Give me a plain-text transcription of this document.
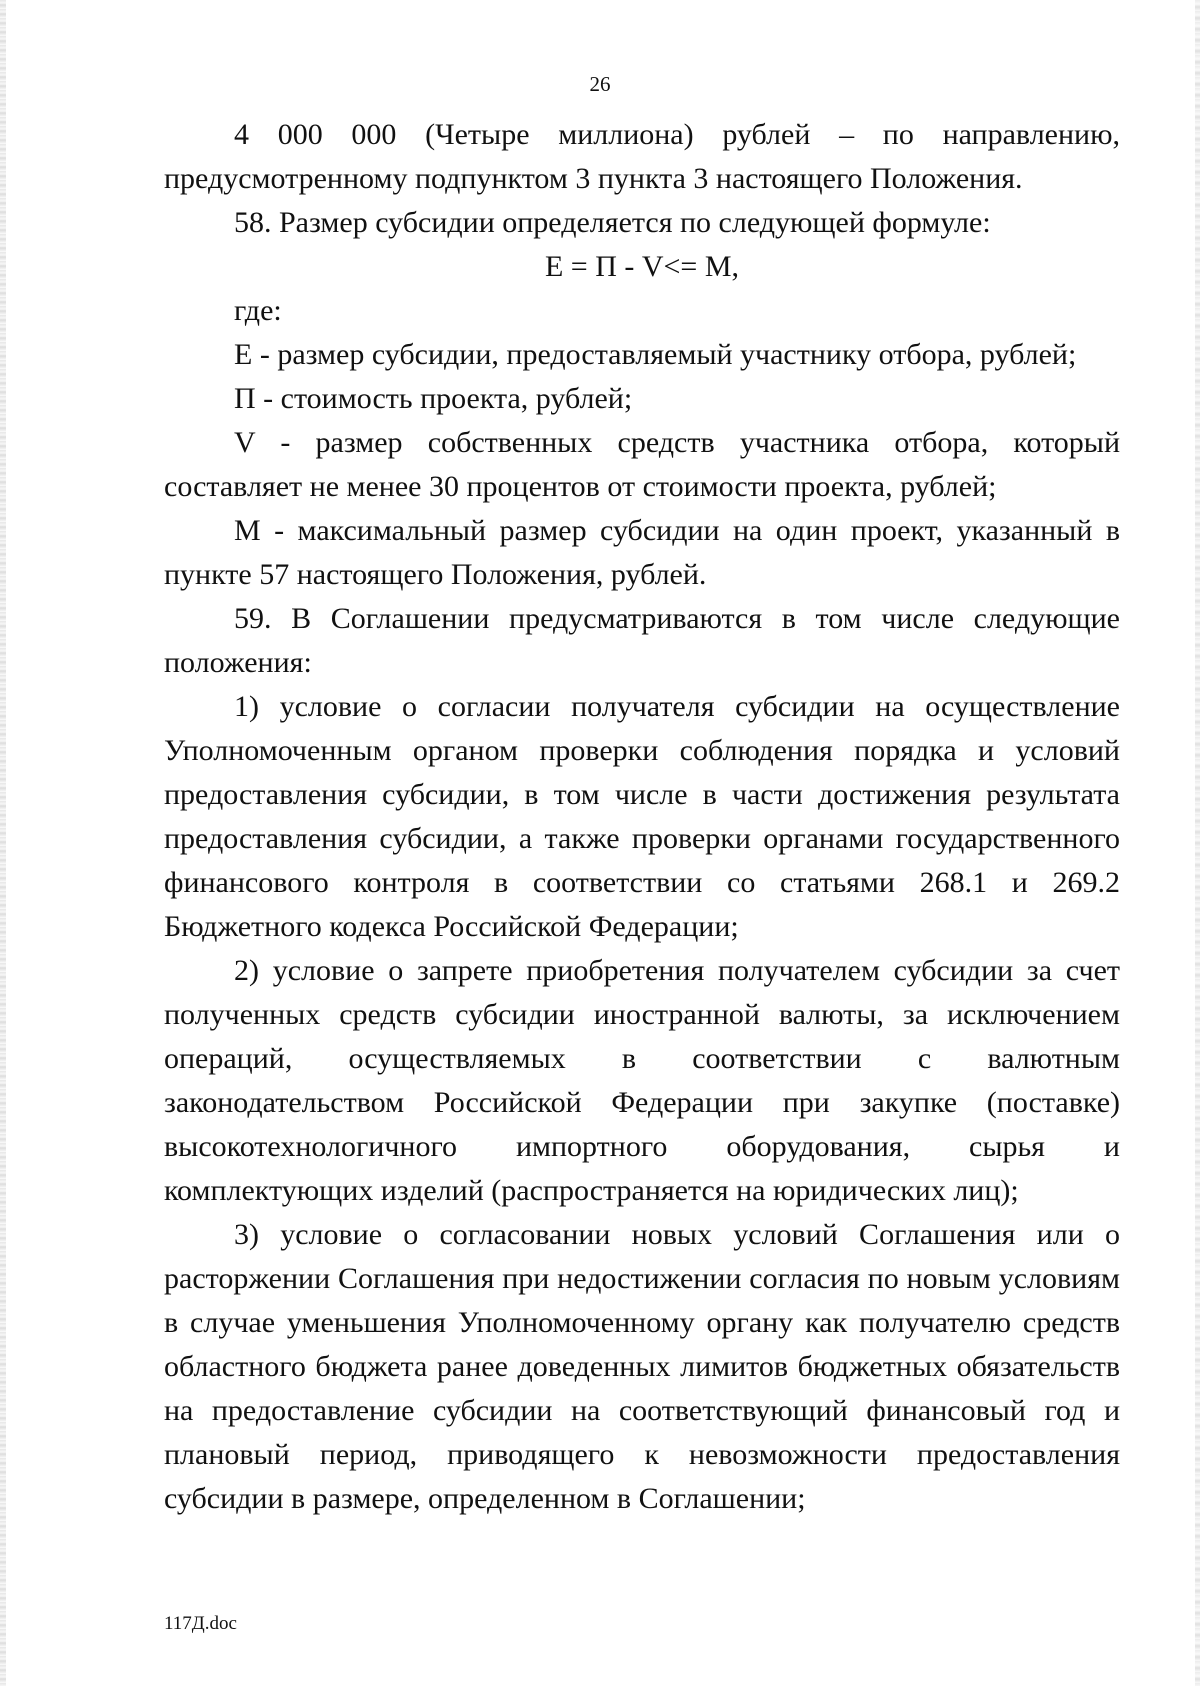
26

4 000 000 (Четыре миллиона) рублей – по направлению, предусмотренному подпунктом 3 пункта 3 настоящего Положения.

58. Размер субсидии определяется по следующей формуле:

E = П - V<= M,

где:

E - размер субсидии, предоставляемый участнику отбора, рублей;

П - стоимость проекта, рублей;

V - размер собственных средств участника отбора, который составляет не менее 30 процентов от стоимости проекта, рублей;

М - максимальный размер субсидии на один проект, указанный в пункте 57 настоящего Положения, рублей.

59. В Соглашении предусматриваются в том числе следующие положения:

1) условие о согласии получателя субсидии на осуществление Уполномоченным органом проверки соблюдения порядка и условий предоставления субсидии, в том числе в части достижения результата предоставления субсидии, а также проверки органами государственного финансового контроля в соответствии со статьями 268.1 и 269.2 Бюджетного кодекса Российской Федерации;

2) условие о запрете приобретения получателем субсидии за счет полученных средств субсидии иностранной валюты, за исключением операций, осуществляемых в соответствии с валютным законодательством Российской Федерации при закупке (поставке) высокотехнологичного импортного оборудования, сырья и комплектующих изделий (распространяется на юридических лиц);

3) условие о согласовании новых условий Соглашения или о расторжении Соглашения при недостижении согласия по новым условиям в случае уменьшения Уполномоченному органу как получателю средств областного бюджета ранее доведенных лимитов бюджетных обязательств на предоставление субсидии на соответствующий финансовый год и плановый период, приводящего к невозможности предоставления субсидии в размере, определенном в Соглашении;

117Д.doc
